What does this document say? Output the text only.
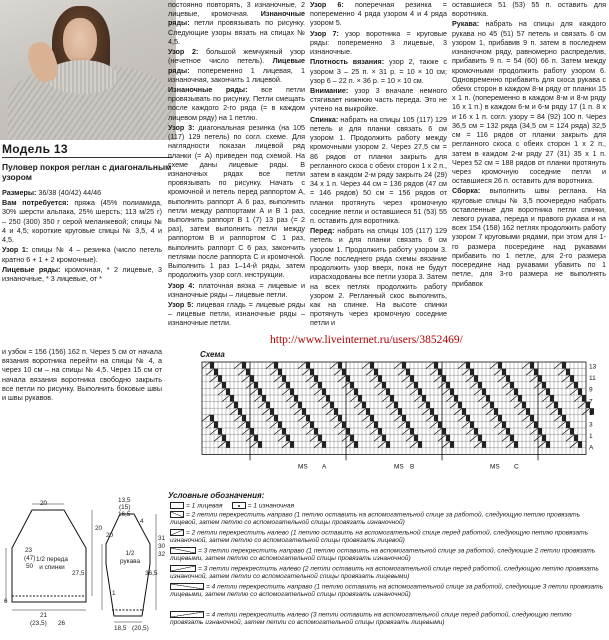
Модель 13
Пуловер покроя реглан с диагональным узором

Размеры: 36/38 (40/42) 44/46

Вам потребуется: пряжа (45% полиамида, 30% шерсти альпака, 25% шерсть; 113 м/25 г) – 250 (300) 350 г серой меланжевой; спицы № 4 и 4,5; короткие круговые спицы № 3,5, 4 и 4,5.

Узор 1: спицы № 4 – резинка (число петель кратно 6 + 1 + 2 кромочные).

Лицевые ряды: кромочная, * 2 лицевые, 3 изнаночные, * 3 лицевые, от *

и узбок = 156 (156) 162 п. Через 5 см от начала вязания воротника перейти на спицы № 4, а через 10 см – на спицы № 4,5. Через 15 см от начала вязания воротника свободно закрыть все петли по рисунку. Выполнить боковые швы и швы рукавов.

постоянно повторять, 3 изнаночные, 2 лицевые, кромочная. Изнаночные ряды: петли провязывать по рисунку. Следующие узоры вязать на спицах № 4,5.

Узор 2: большой жемчужный узор (нечетное число петель). Лицевые ряды: попеременно 1 лицевая, 1 изнаночная, закончить 1 лицевой.

Изнаночные ряды: все петли провязывать по рисунку. Петли смещать после каждого 2-го ряда (= в каждом лицевом ряду) на 1 петлю.

Узор 3: диагональная резинка (на 105 (117) 129 петель) по согл. схеме. Для наглядности показан лицевой ряд планки (= А) приведен под схемой. На схеме даны лицевые ряды. В изнаночных рядах все петли провязывать по рисунку. Начать с кромочной и петель перед раппортом А, выполнить раппорт А 6 раз, выполнить петли между раппортами А и В 1 раз, выполнить раппорт В 1 (7) 13 раз (= 2 раз), затем выполнить петли между раппортом В и раппортом С 1 раз, выполнить раппорт С 6 раз, закончить петлями после раппорта С и кромочной. Выполнить 1 раз 1–14-й ряды, затем продолжить узор согл. инструкции.

Узор 4: платочная вязка = лицевые и изнаночные ряды – лицевые петли.

Узор 5: лицевая гладь = лицевые ряды – лицевые петли, изнаночные ряды – изнаночные петли.

Узор 6: поперечная резинка = попеременно 4 ряда узором 4 и 4 ряда узором 5.

Узор 7: узор воротника = круговые ряды: попеременно 3 лицевые, 3 изнаночные.

Плотность вязания: узор 2, также с узором 3 – 25 п. × 31 р. = 10 × 10 см; узор 6 – 22 п. × 36 р. = 10 × 10 см.

Внимание: узор 3 вначале немного стягивает нижнюю часть переда. Это не учтено на выкройке.

Спинка: набрать на спицы 105 (117) 129 петель и для планки связать 6 см узором 1. Продолжить работу между кромочными узором 2. Через 27,5 см = 86 рядов от планки закрыть для регланного скоса с обеих сторон 1 х 2 п., затем в каждом 2-м ряду закрыть 24 (29) 34 х 1 п. Через 44 см = 136 рядов (47 см = 146 рядов) 50 см = 156 рядов от планки протянуть через кромочную соседние петли и оставшиеся 51 (53) 55 п. оставить для воротника.

Перед: набрать на спицы 105 (117) 129 петель и для планки связать 6 см узором 1. Продолжить работу узором 3. После последнего ряда схемы вязание продолжить узор вверх, пока не будут израсходованы все петли узора 3. Затем на всех петлях продолжить работу узором 2. Регланный скос выполнить, как на спинке. На высоте спинки протянуть через кромочную соседние петли и

оставшиеся 51 (53) 55 п. оставить для воротника.

Рукава: набрать на спицы для каждого рукава но 45 (51) 57 петель и связать 6 см узором 1, прибавив 9 п. затем в последнем изнаночном ряду, равномерно распределив, прибавить 9 п. = 54 (60) 66 п. Затем между кромочными продолжить работу узором 6. Одновременно прибавить для скоса рукава с обеих сторон в каждом 8-м ряду от планки 15 х 1 п. (попеременно в каждом 8-м и 8-м ряду 16 х 1 п.) в каждом 6-м и 6-м ряду 17 (1 п. 8 х и 16 х 1 п. согл. узору = 84 (92) 100 п. Через 36,5 см = 132 ряда (34,5 см = 124 ряда) 32,5 см = 116 рядов от планки закрыть для регланного скоса с обеих сторон 1 х 2 п., затем в каждом 2-м ряду 27 (31) 35 х 1 п. Через 52 см = 188 рядов от планки протянуть через кромочную соседние петли и оставшиеся 26 п. оставить для воротника.

Сборка: выполнить швы реглана. На круговые спицы № 3,5 поочередно набрать оставленные для воротника петли спинки, левого рукава, переда и правого рукава и на всех 154 (158) 162 петлях продолжить работу узором 7 круговыми рядами, при этом для 1-го размера посередине над рукавами прибавить по 1 петле, для 2-го размера посередине над рукавами убавить по 1 петле, для 3-го размера не выполнять прибавок

http://www.liveinternet.ru/users/3852469/
Схема
13
11
9
7
5
3
1
A
MS A	MS B	MS C
1/2 переда и спинки
1/2 рукава
13,5
(15)
16,5
4
20
20
31
30
32
27,5
23
(47)
50
21
(23,5) 26
6
1
18,5 (20,5)
20
36,5
Условные обозначения:
= 1 лицевая	= 1 изнаночная
= 2 петли перекрестить направо (1 петлю оставить на вспомогательной спице за работой, следующую петлю провязать лицевой, затем петлю со вспомогательной спицы провязать изнаночной)
= 2 петли перекрестить налево (1 петлю оставить на вспомогательной спице перед работой, следующую петлю провязать изнаночной, затем петлю со вспомогательной спицы провязать лицевой)
= 3 петли перекрестить направо (1 петлю оставить на вспомогательной спице за работой, следующие 2 петли провязать лицевыми, затем петлю со вспомогательной спицы провязать изнаночной)
= 3 петли перекрестить налево (2 петли оставить на вспомогательной спице перед работой, следующую петлю провязать изнаночной, затем петли со вспомогательной спицы провязать лицевыми)
= 4 петли перекрестить направо (1 петлю оставить на вспомогательной спице за работой, следующие 3 петли провязать лицевыми, затем петлю со вспомогательной спицы провязать изнаночной)
= 4 петли перекрестить налево (3 петли оставить на вспомогательной спице перед работой, следующую петлю провязать изнаночной, затем петли со вспомогательной спицы провязать лицевыми)
